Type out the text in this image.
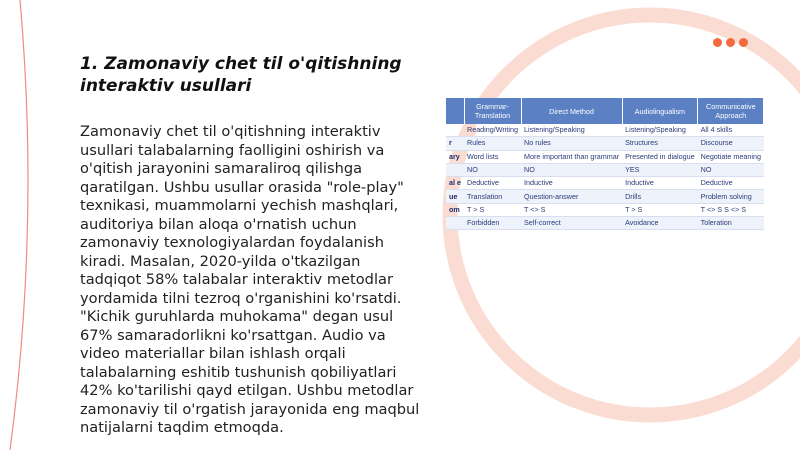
1. Zamonaviy chet til o'qitishning interaktiv usullari

Zamonaviy chet til o'qitishning interaktiv usullari talabalarning faolligini oshirish va o'qitish jarayonini samaraliroq qilishga qaratilgan. Ushbu usullar orasida "role-play" texnikasi, muammolarni yechish mashqlari, auditoriya bilan aloqa o'rnatish uchun zamonaviy texnologiyalardan foydalanish kiradi. Masalan, 2020-yilda o'tkazilgan tadqiqot 58% talabalar interaktiv metodlar yordamida tilni tezroq o'rganishini ko'rsatdi. "Kichik guruhlarda muhokama" degan usul 67% samaradorlikni ko'rsattgan. Audio va video materiallar bilan ishlash orqali talabalarning eshitib tushunish qobiliyatlari 42% ko'tarilishi qayd etilgan. Ushbu metodlar zamonaviy til o'rgatish jarayonida eng maqbul natijalarni taqdim etmoqda.

	Grammar-Translation	Direct Method	Audiolingualism	Communicative Approach
	Reading/Writing	Listening/Speaking	Listening/Speaking	All 4 skills
r	Rules	No rules	Structures	Discourse
ary	Word lists	More important than grammar	Presented in dialogue	Negotiate meaning
	NO	NO	YES	NO
al e	Deductive	Inductive	Inductive	Deductive
ue	Translation	Question-answer	Drills	Problem solving
om	T > S	T <> S	T > S	T <> S S <> S
	Forbidden	Self-correct	Avoidance	Toleration
